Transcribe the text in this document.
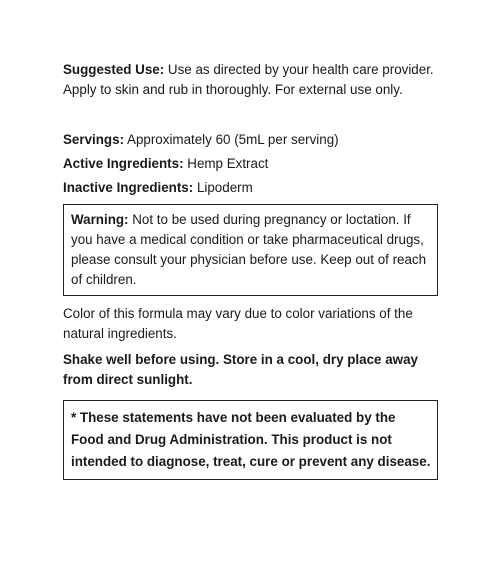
Suggested Use: Use as directed by your health care provider. Apply to skin and rub in thoroughly. For external use only.

Servings: Approximately 60 (5mL per serving)

Active Ingredients: Hemp Extract

Inactive Ingredients: Lipoderm

Warning: Not to be used during pregnancy or loctation. If you have a medical condition or take pharmaceutical drugs, please consult your physician before use. Keep out of reach of children.

Color of this formula may vary due to color variations of the natural ingredients.

Shake well before using. Store in a cool, dry place away from direct sunlight.

* These statements have not been evaluated by the Food and Drug Administration. This product is not intended to diagnose, treat, cure or prevent any disease.
